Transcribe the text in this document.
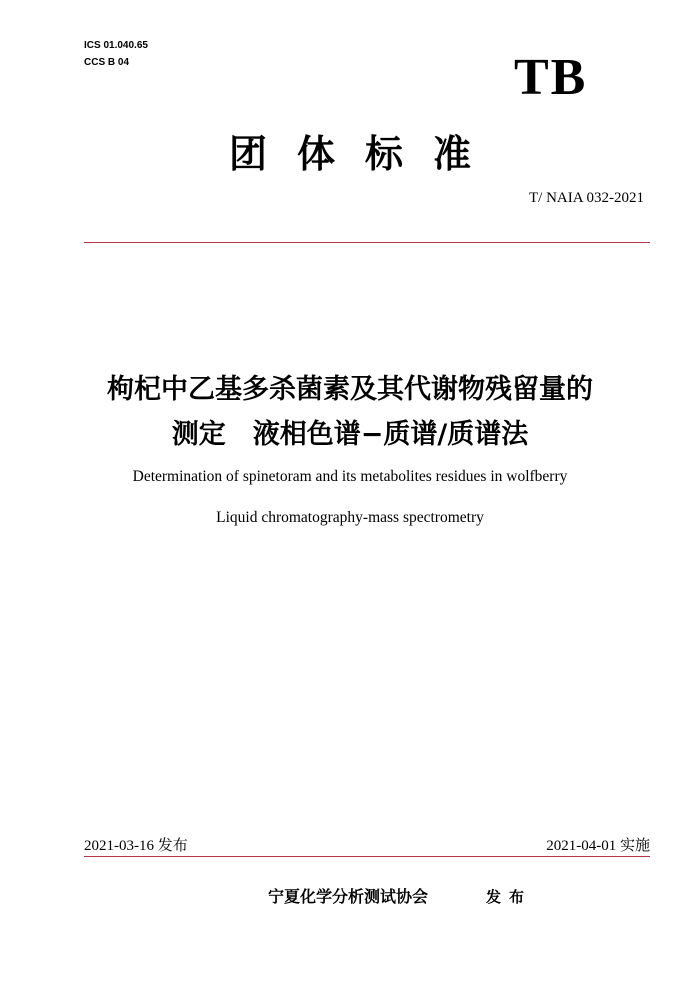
ICS 01.040.65
CCS B 04	TB
团体标准
T/ NAIA 032-2021
枸杞中乙基多杀菌素及其代谢物残留量的
测定　液相色谱−质谱/质谱法
Determination of spinetoram and its metabolites residues in wolfberry
Liquid chromatography-mass spectrometry
2021-03-16 发布	2021-04-01 实施
宁夏化学分析测试协会	发布
